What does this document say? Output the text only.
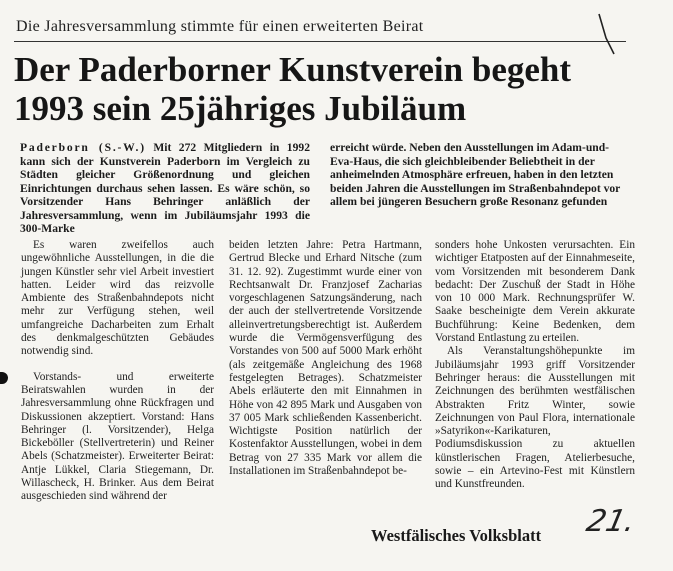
Die Jahresversammlung stimmte für einen erweiterten Beirat
Der Paderborner Kunstverein begeht
1993 sein 25jähriges Jubiläum
Paderborn (S.-W.) Mit 272 Mitgliedern in 1992 kann sich der Kunstverein Paderborn im Vergleich zu Städten gleicher Größenordnung und gleichen Einrichtungen durchaus sehen lassen. Es wäre schön, so Vorsitzender Hans Behringer anläßlich der Jahresversammlung, wenn im Jubiläumsjahr 1993 die 300-Marke
erreicht würde. Neben den Ausstellungen im Adam-und-Eva-Haus, die sich gleichbleibender Beliebtheit in der anheimelnden Atmosphäre erfreuen, haben in den letzten beiden Jahren die Ausstellungen im Straßenbahndepot vor allem bei jüngeren Besuchern große Resonanz gefunden

Es waren zweifellos auch ungewöhnliche Ausstellungen, in die die jungen Künstler sehr viel Arbeit investiert hatten. Leider wird das reizvolle Ambiente des Straßenbahndepots nicht mehr zur Verfügung stehen, weil umfangreiche Dacharbeiten zum Erhalt des denkmalgeschützten Gebäudes notwendig sind.

Vorstands- und erweiterte Beiratswahlen wurden in der Jahresversammlung ohne Rückfragen und Diskussionen akzeptiert. Vorstand: Hans Behringer (l. Vorsitzender), Helga Bickeböller (Stellvertreterin) und Reiner Abels (Schatzmeister). Erweiterter Beirat: Antje Lükkel, Claria Stiegemann, Dr. Willascheck, H. Brinker. Aus dem Beirat ausgeschieden sind während der

beiden letzten Jahre: Petra Hartmann, Gertrud Blecke und Erhard Nitsche (zum 31. 12. 92). Zugestimmt wurde einer von Rechtsanwalt Dr. Franzjosef Zacharias vorgeschlagenen Satzungsänderung, nach der auch der stellvertretende Vorsitzende alleinvertretungsberechtigt ist. Außerdem wurde die Vermögensverfügung des Vorstandes von 500 auf 5000 Mark erhöht (als zeitgemäße Angleichung des 1968 festgelegten Betrages). Schatzmeister Abels erläuterte den mit Einnahmen in Höhe von 42 895 Mark und Ausgaben von 37 005 Mark schließenden Kassenbericht. Wichtigste Position natürlich der Kostenfaktor Ausstellungen, wobei in dem Betrag von 27 335 Mark vor allem die Installationen im Straßenbahndepot be-

sonders hohe Unkosten verursachten. Ein wichtiger Etatposten auf der Einnahmeseite, vom Vorsitzenden mit besonderem Dank bedacht: Der Zuschuß der Stadt in Höhe von 10 000 Mark. Rechnungsprüfer W. Saake bescheinigte dem Verein akkurate Buchführung: Keine Bedenken, dem Vorstand Entlastung zu erteilen.

Als Veranstaltungshöhepunkte im Jubiläumsjahr 1993 griff Vorsitzender Behringer heraus: die Ausstellungen mit Zeichnungen des berühmten westfälischen Abstrakten Fritz Winter, sowie Zeichnungen von Paul Flora, internationale »Satyrikon«-Karikaturen, Podiumsdiskussion zu aktuellen künstlerischen Fragen, Atelierbesuche, sowie – ein Artevino-Fest mit Künstlern und Kunstfreunden.

Westfälisches Volksblatt 21.
